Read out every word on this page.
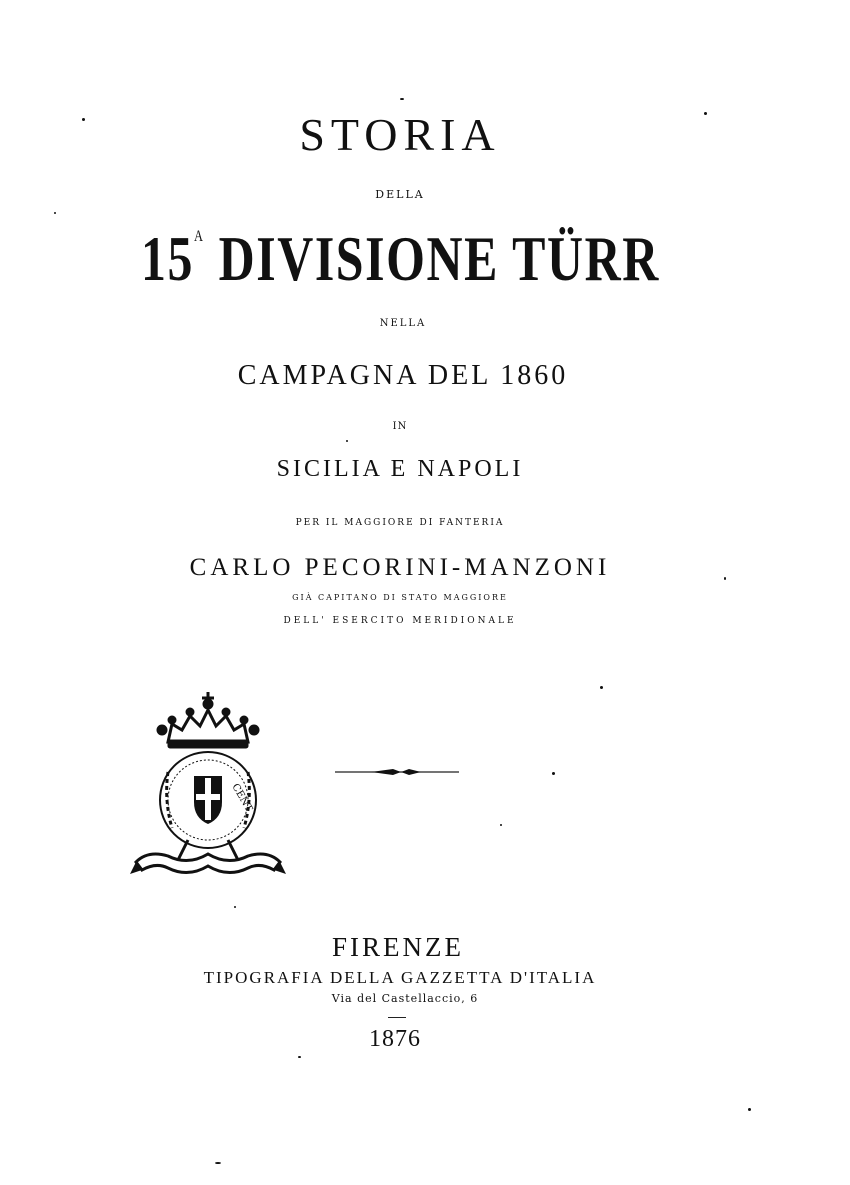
STORIA
DELLA
$15^A$ DIVISIONE TÜRR
NELLA
CAMPAGNA DEL 1860
IN
SICILIA E NAPOLI
PER IL MAGGIORE DI FANTERIA
CARLO PECORINI-MANZONI
GIÀ CAPITANO DI STATO MAGGIORE
DELL' ESERCITO MERIDIONALE
CENT
FIRENZE
TIPOGRAFIA DELLA GAZZETTA D'ITALIA
Via del Castellaccio, 6
1876
